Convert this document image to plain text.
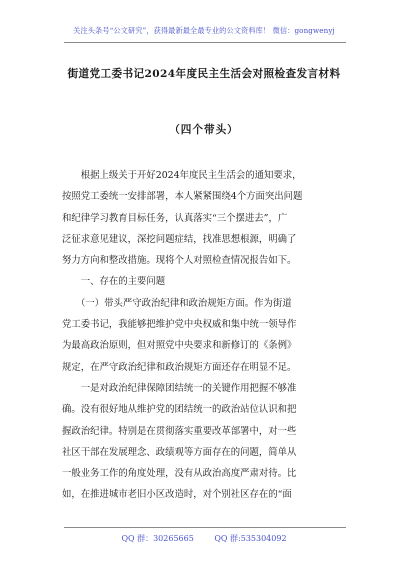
关注头条号“公文研究”，获得最新最全最专业的公文资料库！ 微信：gongwenyj
街道党工委书记2024年度民主生活会对照检查发言材料
（四个带头）
　　根据上级关于开好2024年度民主生活会的通知要求，
按照党工委统一安排部署，本人紧紧围绕4个方面突出问题
和纪律学习教育目标任务，认真落实“三个摆进去”，广
泛征求意见建议，深挖问题症结，找准思想根源，明确了
努力方向和整改措施。现将个人对照检查情况报告如下。
　　一、存在的主要问题
　　（一）带头严守政治纪律和政治规矩方面。作为街道
党工委书记，我能够把维护党中央权威和集中统一领导作
为最高政治原则，但对照党中央要求和新修订的《条例》
规定，在严守政治纪律和政治规矩方面还存在明显不足。
　　一是对政治纪律保障团结统一的关键作用把握不够准
确。没有很好地从维护党的团结统一的政治站位认识和把
握政治纪律。特别是在贯彻落实重要改革部署中，对一些
社区干部在发展理念、政绩观等方面存在的问题，简单从
一般业务工作的角度处理，没有从政治高度严肃对待。比
如，在推进城市老旧小区改造时，对个别社区存在的“面
QQ 群：30265665	QQ 群:535304092
